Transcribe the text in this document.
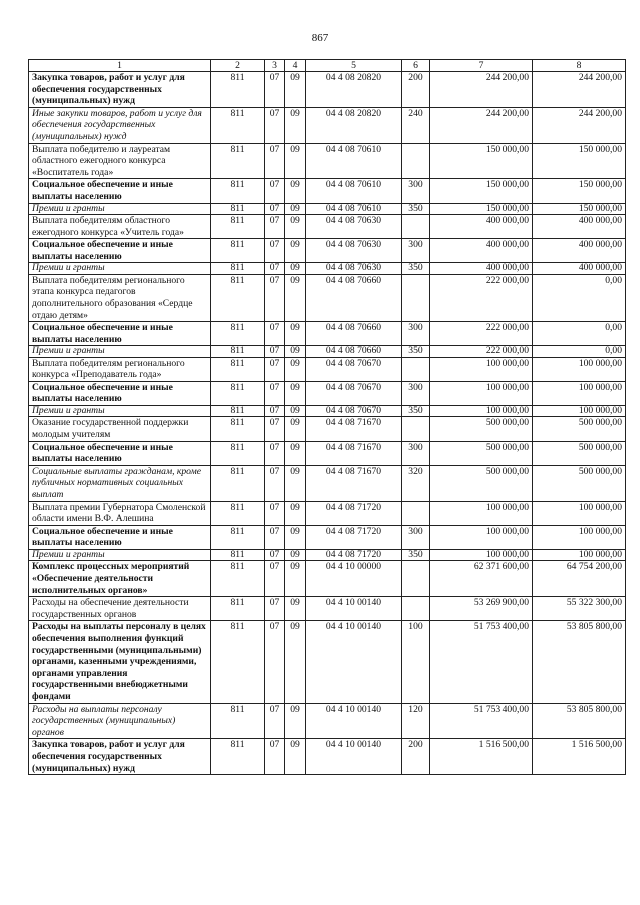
867
1	2	3	4	5	6	7	8
Закупка товаров, работ и услуг для обеспечения государственных (муниципальных) нужд	811	07	09	04 4 08 20820	200	244 200,00	244 200,00
Иные закупки товаров, работ и услуг для обеспечения государственных (муниципальных) нужд	811	07	09	04 4 08 20820	240	244 200,00	244 200,00
Выплата победителю и лауреатам областного ежегодного конкурса «Воспитатель года»	811	07	09	04 4 08 70610		150 000,00	150 000,00
Социальное обеспечение и иные выплаты населению	811	07	09	04 4 08 70610	300	150 000,00	150 000,00
Премии и гранты	811	07	09	04 4 08 70610	350	150 000,00	150 000,00
Выплата победителям областного ежегодного конкурса «Учитель года»	811	07	09	04 4 08 70630		400 000,00	400 000,00
Социальное обеспечение и иные выплаты населению	811	07	09	04 4 08 70630	300	400 000,00	400 000,00
Премии и гранты	811	07	09	04 4 08 70630	350	400 000,00	400 000,00
Выплата победителям регионального этапа конкурса педагогов дополнительного образования «Сердце отдаю детям»	811	07	09	04 4 08 70660		222 000,00	0,00
Социальное обеспечение и иные выплаты населению	811	07	09	04 4 08 70660	300	222 000,00	0,00
Премии и гранты	811	07	09	04 4 08 70660	350	222 000,00	0,00
Выплата победителям регионального конкурса «Преподаватель года»	811	07	09	04 4 08 70670		100 000,00	100 000,00
Социальное обеспечение и иные выплаты населению	811	07	09	04 4 08 70670	300	100 000,00	100 000,00
Премии и гранты	811	07	09	04 4 08 70670	350	100 000,00	100 000,00
Оказание государственной поддержки молодым учителям	811	07	09	04 4 08 71670		500 000,00	500 000,00
Социальное обеспечение и иные выплаты населению	811	07	09	04 4 08 71670	300	500 000,00	500 000,00
Социальные выплаты гражданам, кроме публичных нормативных социальных выплат	811	07	09	04 4 08 71670	320	500 000,00	500 000,00
Выплата премии Губернатора Смоленской области имени В.Ф. Алешина	811	07	09	04 4 08 71720		100 000,00	100 000,00
Социальное обеспечение и иные выплаты населению	811	07	09	04 4 08 71720	300	100 000,00	100 000,00
Премии и гранты	811	07	09	04 4 08 71720	350	100 000,00	100 000,00
Комплекс процессных мероприятий «Обеспечение деятельности исполнительных органов»	811	07	09	04 4 10 00000		62 371 600,00	64 754 200,00
Расходы на обеспечение деятельности государственных органов	811	07	09	04 4 10 00140		53 269 900,00	55 322 300,00
Расходы на выплаты персоналу в целях обеспечения выполнения функций государственными (муниципальными) органами, казенными учреждениями, органами управления государственными внебюджетными фондами	811	07	09	04 4 10 00140	100	51 753 400,00	53 805 800,00
Расходы на выплаты персоналу государственных (муниципальных) органов	811	07	09	04 4 10 00140	120	51 753 400,00	53 805 800,00
Закупка товаров, работ и услуг для обеспечения государственных (муниципальных) нужд	811	07	09	04 4 10 00140	200	1 516 500,00	1 516 500,00
